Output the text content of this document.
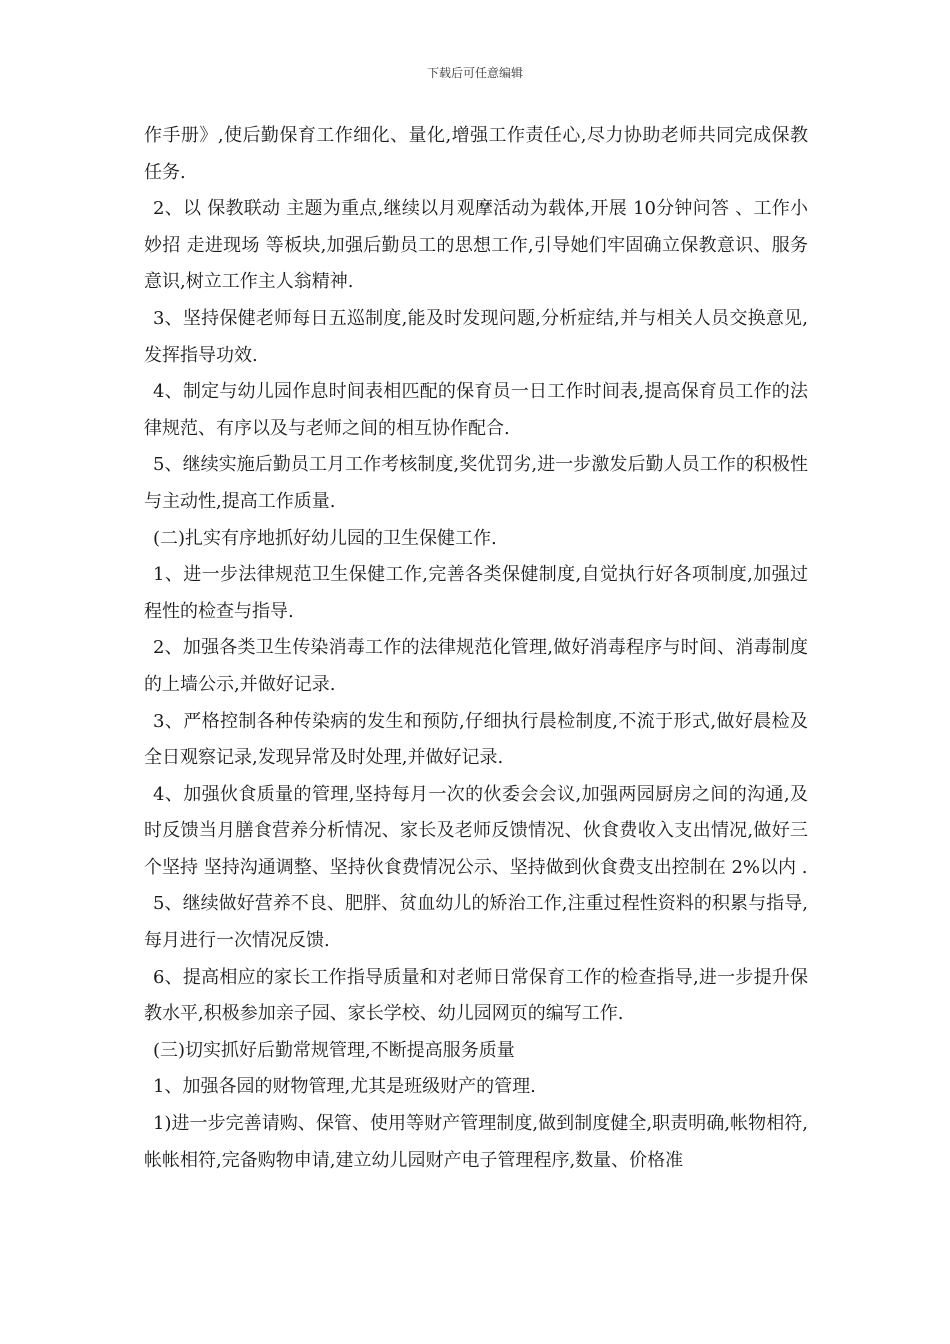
下载后可任意编辑

作手册》,使后勤保育工作细化、量化,增强工作责任心,尽力协助老师共同完成保教任务.

2、以 保教联动 主题为重点,继续以月观摩活动为载体,开展 10分钟问答 、工作小妙招 走进现场 等板块,加强后勤员工的思想工作,引导她们牢固确立保教意识、服务意识,树立工作主人翁精神.

3、坚持保健老师每日五巡制度,能及时发现问题,分析症结,并与相关人员交换意见,发挥指导功效.

4、制定与幼儿园作息时间表相匹配的保育员一日工作时间表,提高保育员工作的法律规范、有序以及与老师之间的相互协作配合.

5、继续实施后勤员工月工作考核制度,奖优罚劣,进一步激发后勤人员工作的积极性与主动性,提高工作质量.

(二)扎实有序地抓好幼儿园的卫生保健工作.

1、进一步法律规范卫生保健工作,完善各类保健制度,自觉执行好各项制度,加强过程性的检查与指导.

2、加强各类卫生传染消毒工作的法律规范化管理,做好消毒程序与时间、消毒制度的上墙公示,并做好记录.

3、严格控制各种传染病的发生和预防,仔细执行晨检制度,不流于形式,做好晨检及全日观察记录,发现异常及时处理,并做好记录.

4、加强伙食质量的管理,坚持每月一次的伙委会会议,加强两园厨房之间的沟通,及时反馈当月膳食营养分析情况、家长及老师反馈情况、伙食费收入支出情况,做好三个坚持 坚持沟通调整、坚持伙食费情况公示、坚持做到伙食费支出控制在 2%以内 .

5、继续做好营养不良、肥胖、贫血幼儿的矫治工作,注重过程性资料的积累与指导,每月进行一次情况反馈.

6、提高相应的家长工作指导质量和对老师日常保育工作的检查指导,进一步提升保教水平,积极参加亲子园、家长学校、幼儿园网页的编写工作.

(三)切实抓好后勤常规管理,不断提高服务质量

1、加强各园的财物管理,尤其是班级财产的管理.

1)进一步完善请购、保管、使用等财产管理制度,做到制度健全,职责明确,帐物相符,帐帐相符,完备购物申请,建立幼儿园财产电子管理程序,数量、价格准
